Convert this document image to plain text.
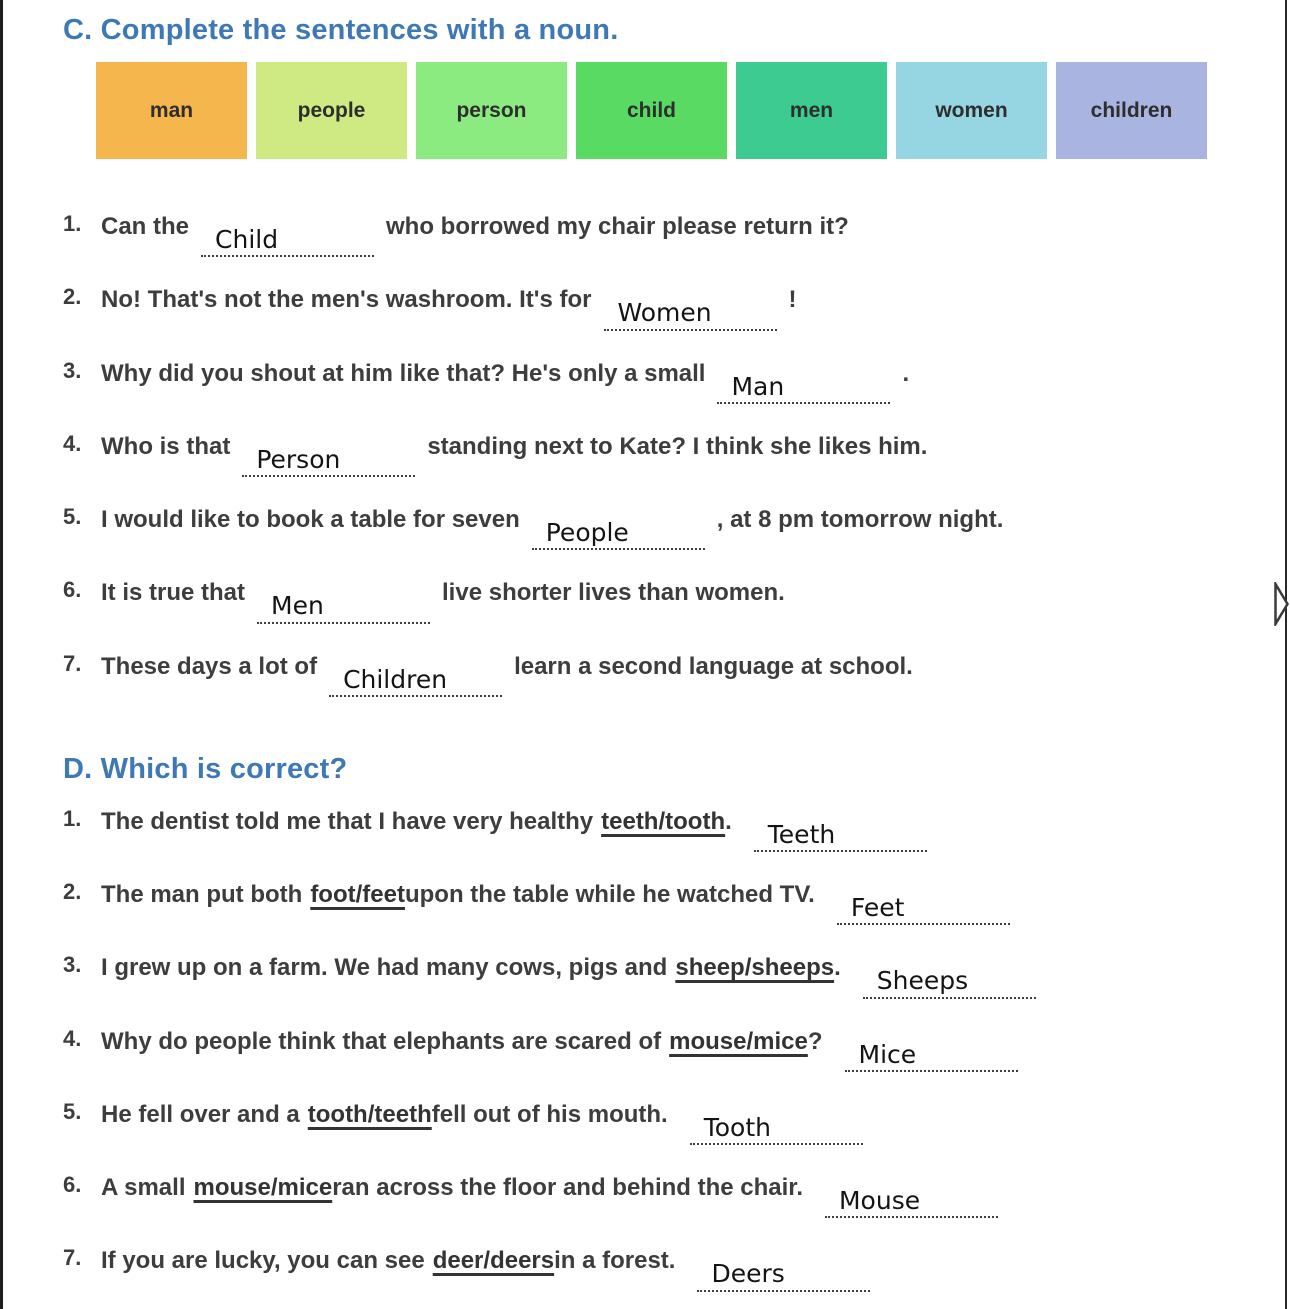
C. Complete the sentences with a noun.
man	people	person	child	men	women	children
1. Can the	Child	who borrowed my chair please return it?
2. No! That's not the men's washroom. It's for	Women	!
3. Why did you shout at him like that? He's only a small	Man	.
4. Who is that	Person	standing next to Kate? I think she likes him.
5. I would like to book a table for seven	People	, at 8 pm tomorrow night.
6. It is true that	Men	live shorter lives than women.
7. These days a lot of	Children	learn a second language at school.
D. Which is correct?
1. The dentist told me that I have very healthy teeth/tooth .	Teeth
2. The man put both foot/feet upon the table while he watched TV.	Feet
3. I grew up on a farm. We had many cows, pigs and sheep/sheeps .	Sheeps
4. Why do people think that elephants are scared of mouse/mice ?	Mice
5. He fell over and a tooth/teeth fell out of his mouth.	Tooth
6. A small mouse/mice ran across the floor and behind the chair.	Mouse
7. If you are lucky, you can see deer/deers in a forest.	Deers
